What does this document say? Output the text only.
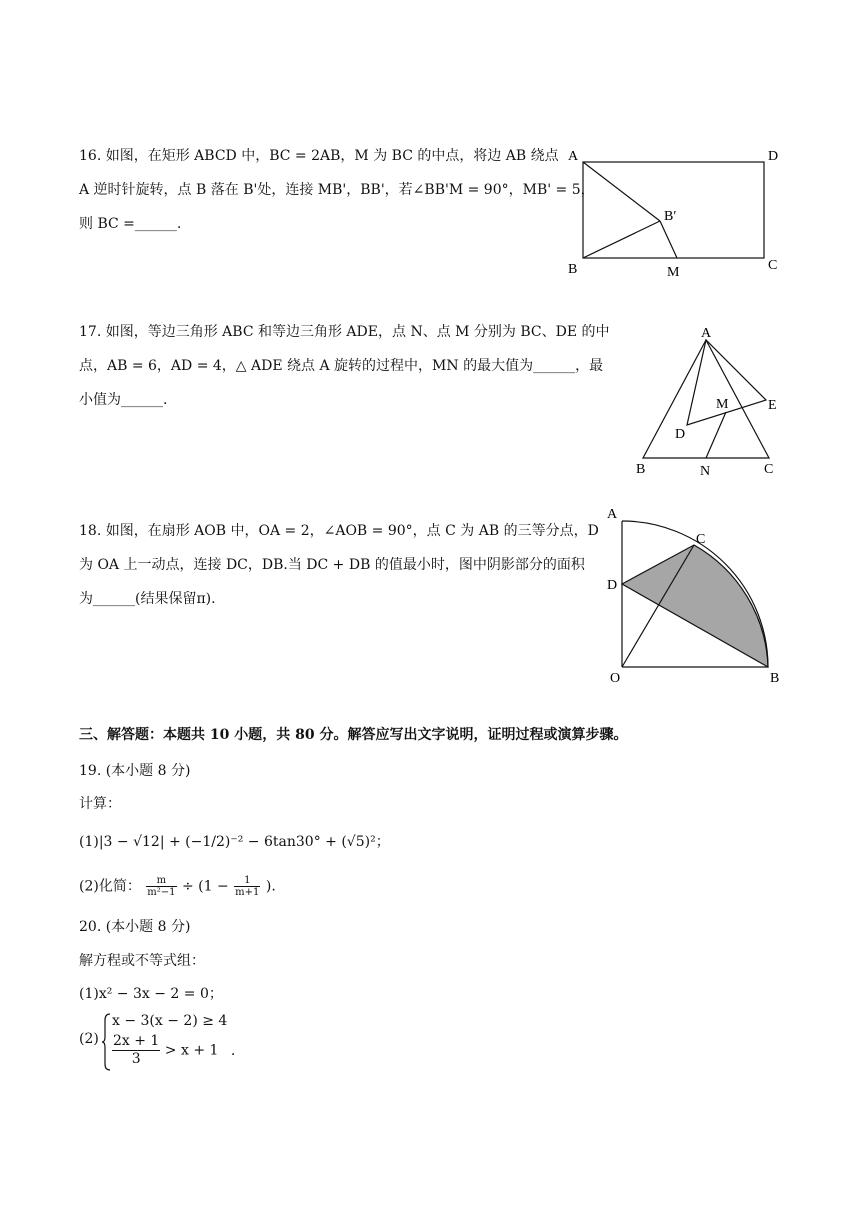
16. 如图，在矩形 ABCD 中，BC = 2AB，M 为 BC 的中点，将边 AB 绕点
A 逆时针旋转，点 B 落在 B'处，连接 MB'，BB'，若∠BB'M = 90°，MB' = 5，
则 BC =______.
A	D
B	C
M
B′
17. 如图，等边三角形 ABC 和等边三角形 ADE，点 N、点 M 分别为 BC、DE 的中
点，AB = 6，AD = 4，△ ADE 绕点 A 旋转的过程中，MN 的最大值为______，最
小值为______.
A
B	C
N
D
E
M
18. 如图，在扇形 AOB 中，OA = 2，∠AOB = 90°，点 C 为 AB 的三等分点，D
为 OA 上一动点，连接 DC，DB.当 DC + DB 的值最小时，图中阴影部分的面积
为______(结果保留π).
A
C
D
O	B
三、解答题：本题共 10 小题，共 80 分。解答应写出文字说明，证明过程或演算步骤。
19. (本小题 8 分)
计算：
(1)|3 − √12| + (−1/2)⁻² − 6tan30° + (√5)²；
(2)化简： $\frac{m}{\text{m²−1}} \div (1 - \frac{1}{m+1}$ ).
20. (本小题 8 分)
解方程或不等式组：
(1)x² − 3x − 2 = 0；
(2)
x − 3(x − 2) ≥ 4
$\frac{2x + 1}{3} > x + 1$ .
